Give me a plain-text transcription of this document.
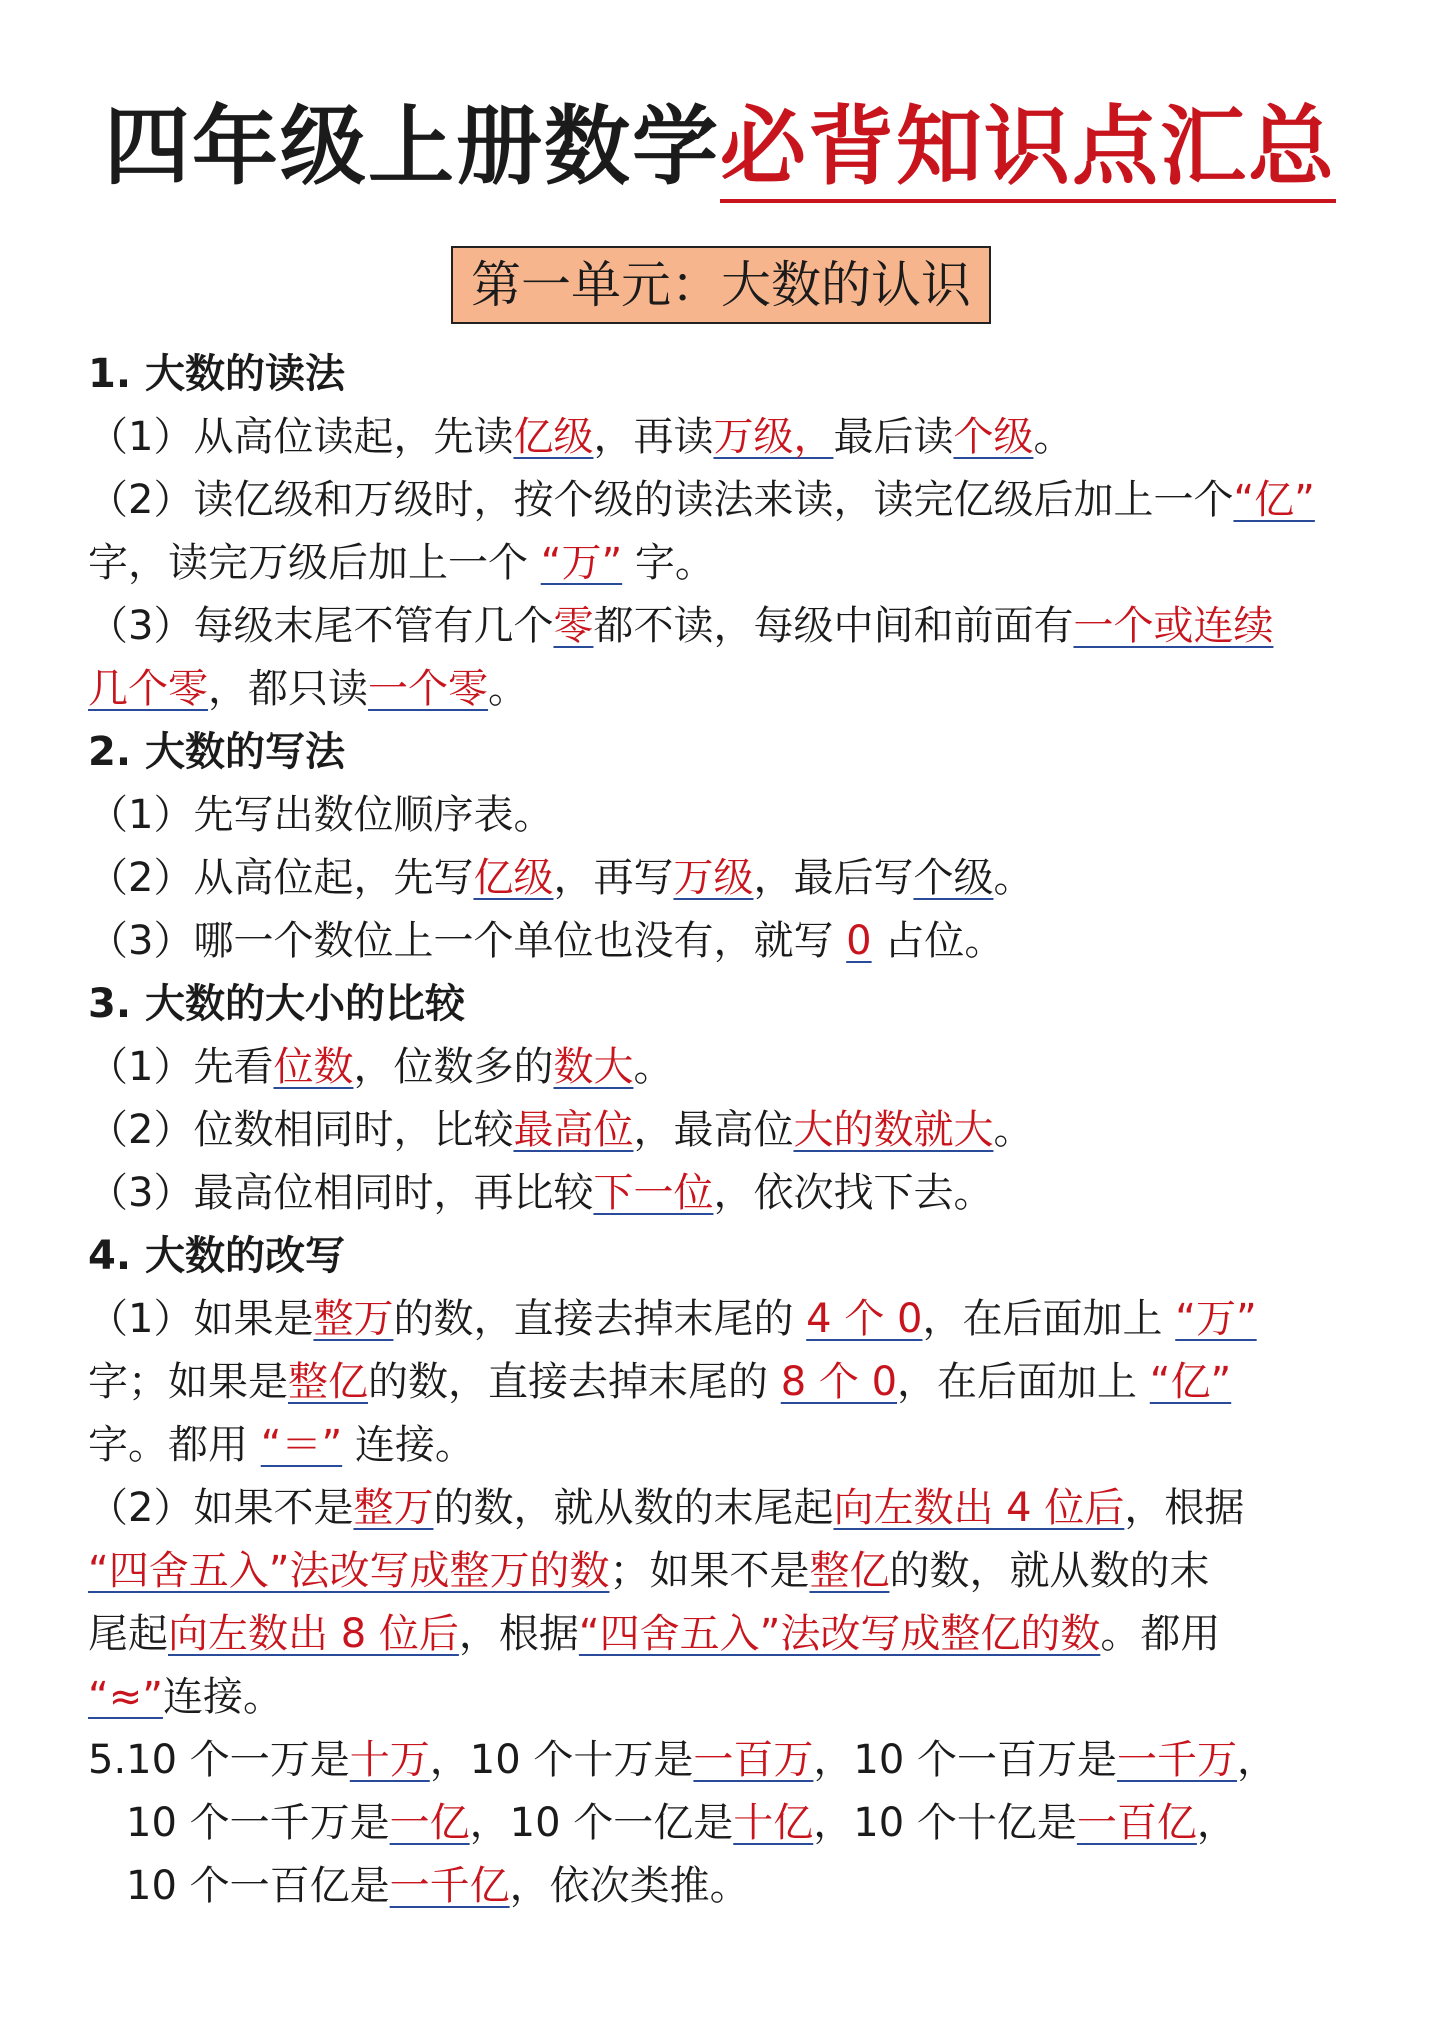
四年级上册数学必背知识点汇总
第一单元：大数的认识
1. 大数的读法
（1）从高位读起，先读亿级，再读万级，最后读个级。
（2）读亿级和万级时，按个级的读法来读，读完亿级后加上一个“亿”
字，读完万级后加上一个 “万” 字。
（3）每级末尾不管有几个零都不读，每级中间和前面有一个或连续
几个零，都只读一个零。
2. 大数的写法
（1）先写出数位顺序表。
（2）从高位起，先写亿级，再写万级，最后写个级。
（3）哪一个数位上一个单位也没有，就写 0 占位。
3. 大数的大小的比较
（1）先看位数，位数多的数大。
（2）位数相同时，比较最高位，最高位大的数就大。
（3）最高位相同时，再比较下一位，依次找下去。
4. 大数的改写
（1）如果是整万的数，直接去掉末尾的 4 个 0，在后面加上 “万”
字；如果是整亿的数，直接去掉末尾的 8 个 0，在后面加上 “亿”
字。都用 “＝” 连接。
（2）如果不是整万的数，就从数的末尾起向左数出 4 位后，根据
“四舍五入”法改写成整万的数；如果不是整亿的数，就从数的末
尾起向左数出 8 位后，根据“四舍五入”法改写成整亿的数。都用
“≈”连接。
5.10 个一万是十万，10 个十万是一百万，10 个一百万是一千万，
10 个一千万是一亿，10 个一亿是十亿，10 个十亿是一百亿，
10 个一百亿是一千亿，依次类推。
